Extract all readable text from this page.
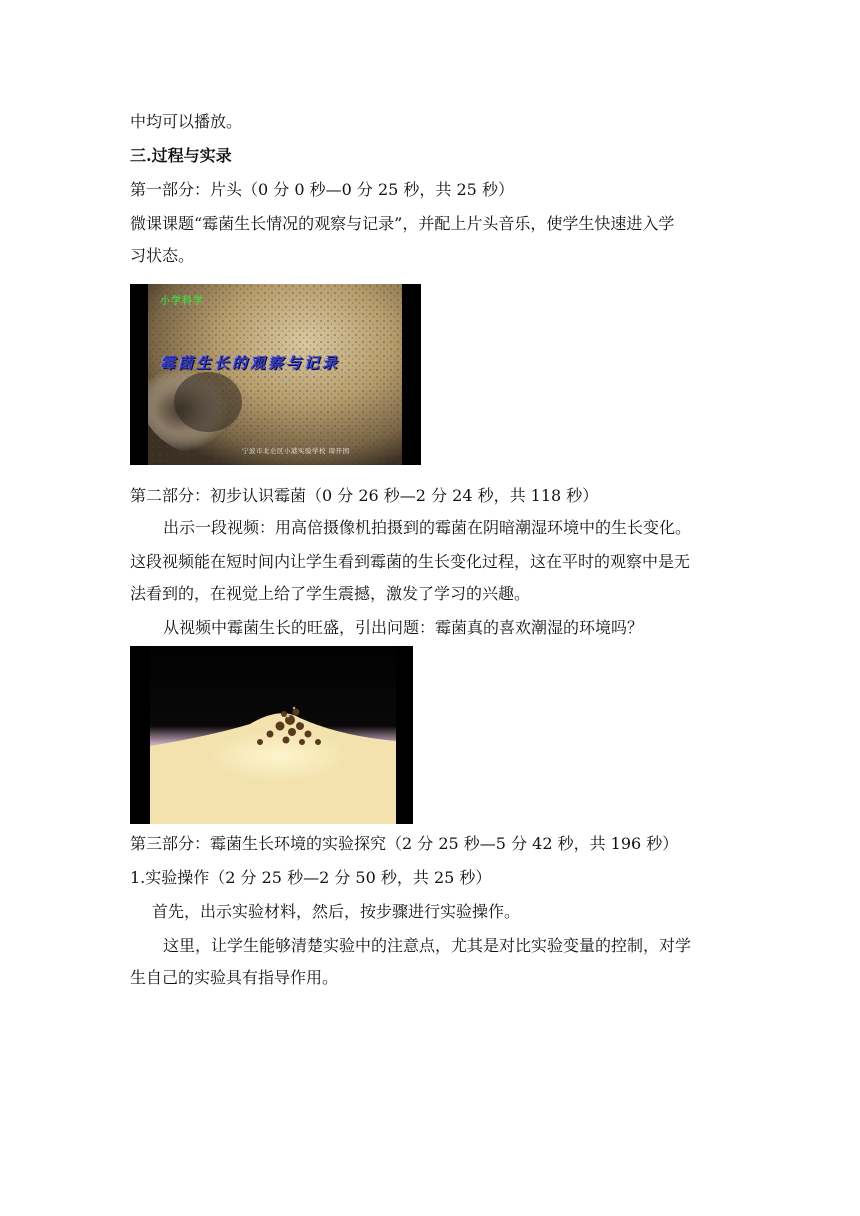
中均可以播放。
三.过程与实录
第一部分：片头（0 分 0 秒—0 分 25 秒，共 25 秒）
微课课题“霉菌生长情况的观察与记录”，并配上片头音乐，使学生快速进入学
习状态。
小学科学
霉菌生长的观察与记录
宁波市北仑区小港实验学校 周开国
第二部分：初步认识霉菌（0 分 26 秒—2 分 24 秒，共 118 秒）
出示一段视频：用高倍摄像机拍摄到的霉菌在阴暗潮湿环境中的生长变化。
这段视频能在短时间内让学生看到霉菌的生长变化过程，这在平时的观察中是无
法看到的，在视觉上给了学生震撼，激发了学习的兴趣。
从视频中霉菌生长的旺盛，引出问题：霉菌真的喜欢潮湿的环境吗？
第三部分：霉菌生长环境的实验探究（2 分 25 秒—5 分 42 秒，共 196 秒）
1.实验操作（2 分 25 秒—2 分 50 秒，共 25 秒）
首先，出示实验材料，然后，按步骤进行实验操作。
这里，让学生能够清楚实验中的注意点，尤其是对比实验变量的控制，对学
生自己的实验具有指导作用。
